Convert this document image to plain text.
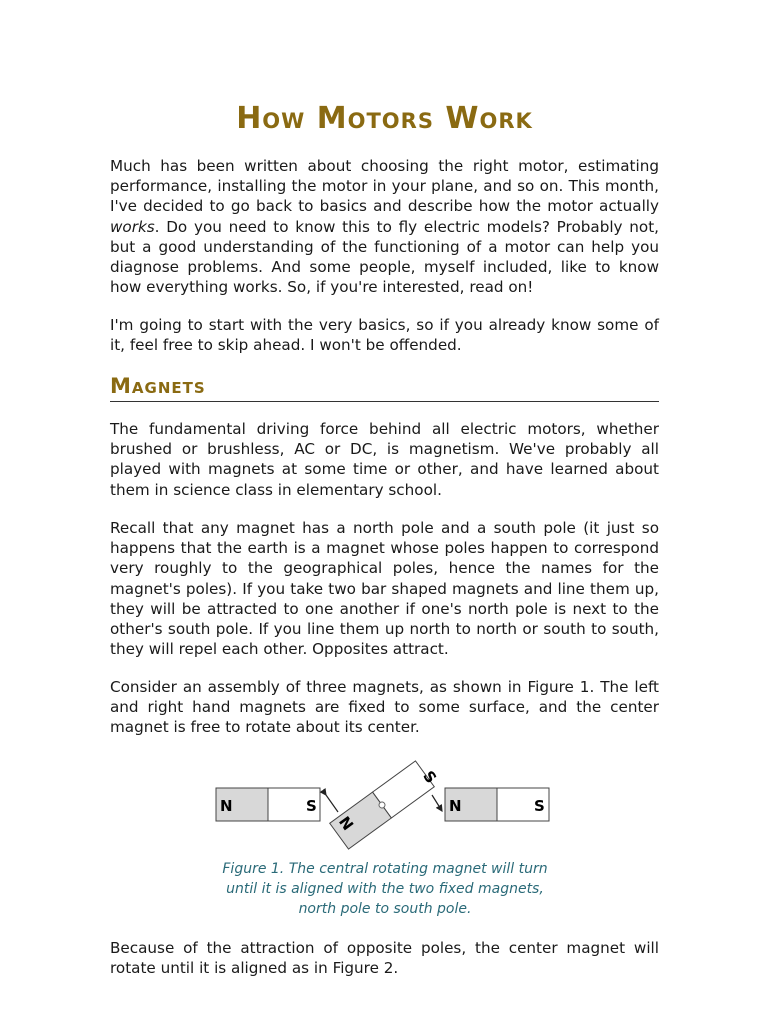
How Motors Work

Much has been written about choosing the right motor, estimating performance, installing the motor in your plane, and so on. This month, I've decided to go back to basics and describe how the motor actually works. Do you need to know this to fly electric models? Probably not, but a good understanding of the functioning of a motor can help you diagnose problems. And some people, myself included, like to know how everything works. So, if you're interested, read on!

I'm going to start with the very basics, so if you already know some of it, feel free to skip ahead. I won't be offended.

Magnets

The fundamental driving force behind all electric motors, whether brushed or brushless, AC or DC, is magnetism. We've probably all played with magnets at some time or other, and have learned about them in science class in elementary school.

Recall that any magnet has a north pole and a south pole (it just so happens that the earth is a magnet whose poles happen to correspond very roughly to the geographical poles, hence the names for the magnet's poles). If you take two bar shaped magnets and line them up, they will be attracted to one another if one's north pole is next to the other's south pole. If you line them up north to north or south to south, they will repel each other. Opposites attract.

Consider an assembly of three magnets, as shown in Figure 1. The left and right hand magnets are fixed to some surface, and the center magnet is free to rotate about its center.

N	S	N	S
N
S

Figure 1. The central rotating magnet will turn until it is aligned with the two fixed magnets, north pole to south pole.

Because of the attraction of opposite poles, the center magnet will rotate until it is aligned as in Figure 2.
